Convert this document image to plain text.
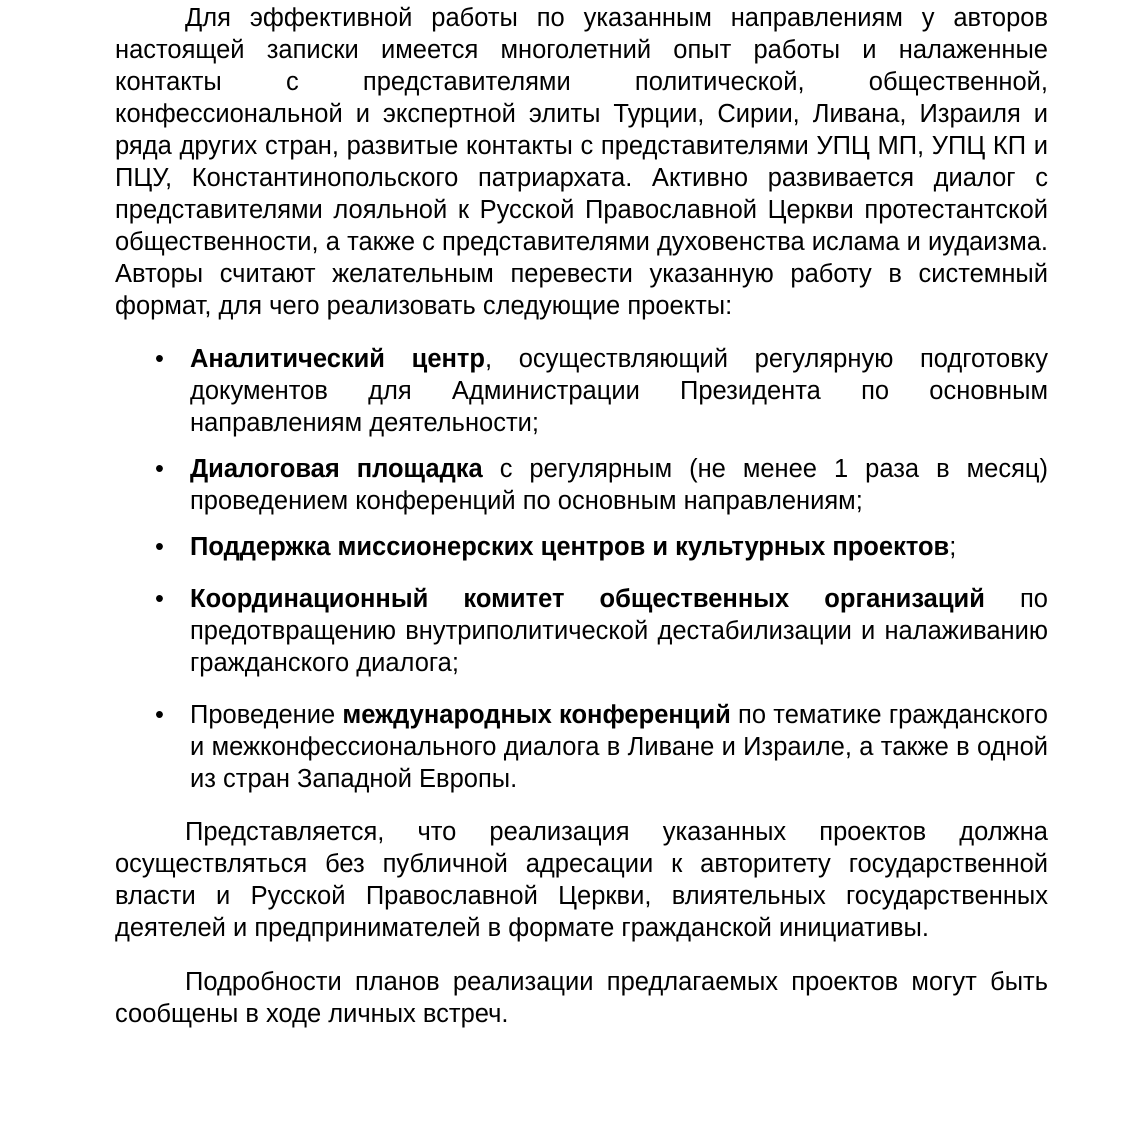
Для эффективной работы по указанным направлениям у авторов настоящей записки имеется многолетний опыт работы и налаженные контакты с представителями политической, общественной, конфессиональной и экспертной элиты Турции, Сирии, Ливана, Израиля и ряда других стран, развитые контакты с представителями УПЦ МП, УПЦ КП и ПЦУ, Константинопольского патриархата. Активно развивается диалог с представителями лояльной к Русской Православной Церкви протестантской общественности, а также с представителями духовенства ислама и иудаизма. Авторы считают желательным перевести указанную работу в системный формат, для чего реализовать следующие проекты:

• Аналитический центр, осуществляющий регулярную подготовку документов для Администрации Президента по основным направлениям деятельности;
• Диалоговая площадка с регулярным (не менее 1 раза в месяц) проведением конференций по основным направлениям;
• Поддержка миссионерских центров и культурных проектов;
• Координационный комитет общественных организаций по предотвращению внутриполитической дестабилизации и налаживанию гражданского диалога;
• Проведение международных конференций по тематике гражданского и межконфессионального диалога в Ливане и Израиле, а также в одной из стран Западной Европы.

Представляется, что реализация указанных проектов должна осуществляться без публичной адресации к авторитету государственной власти и Русской Православной Церкви, влиятельных государственных деятелей и предпринимателей в формате гражданской инициативы.

Подробности планов реализации предлагаемых проектов могут быть сообщены в ходе личных встреч.
